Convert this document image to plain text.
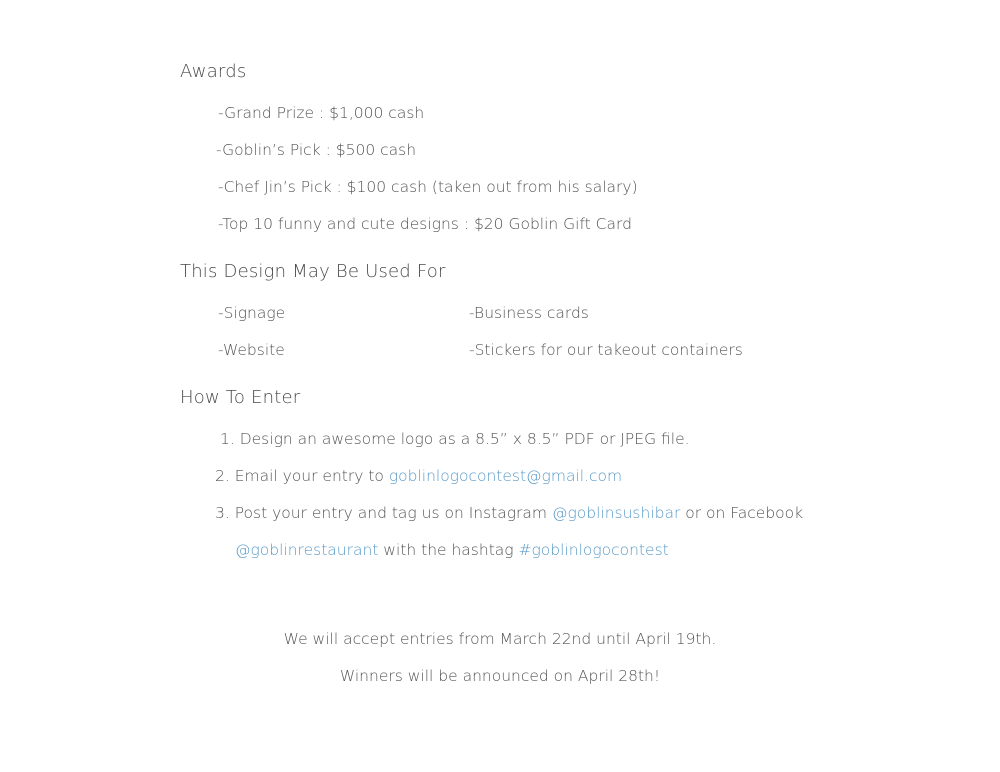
Awards
-Grand Prize : $1,000 cash
-Goblin’s Pick : $500 cash
-Chef Jin’s Pick : $100 cash (taken out from his salary)
-Top 10 funny and cute designs : $20 Goblin Gift Card
This Design May Be Used For
-Signage
-Website
-Business cards
-Stickers for our takeout containers
How To Enter
1. Design an awesome logo as a 8.5” x 8.5” PDF or JPEG file.
2. Email your entry to goblinlogocontest@gmail.com
3. Post your entry and tag us on Instagram @goblinsushibar or on Facebook
@goblinrestaurant with the hashtag #goblinlogocontest
We will accept entries from March 22nd until April 19th.
Winners will be announced on April 28th!
